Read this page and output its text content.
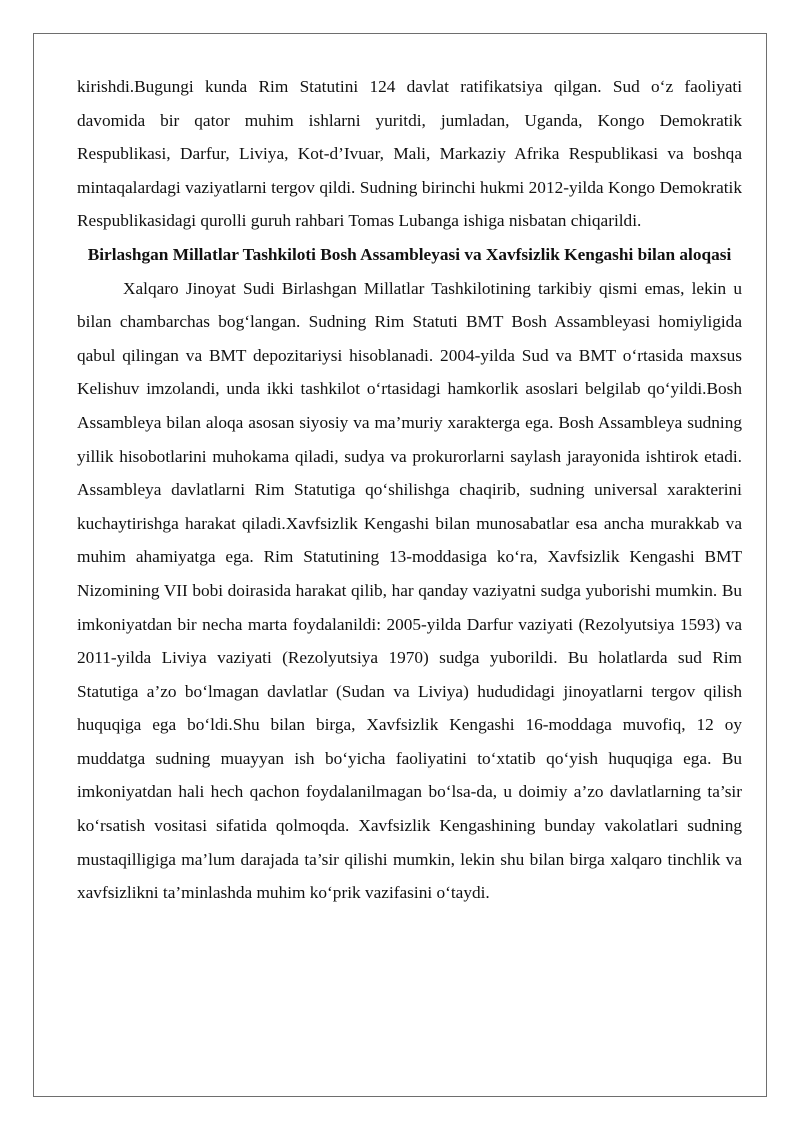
kirishdi.Bugungi kunda Rim Statutini 124 davlat ratifikatsiya qilgan. Sud o‘z faoliyati davomida bir qator muhim ishlarni yuritdi, jumladan, Uganda, Kongo Demokratik Respublikasi, Darfur, Liviya, Kot-d’Ivuar, Mali, Markaziy Afrika Respublikasi va boshqa mintaqalardagi vaziyatlarni tergov qildi. Sudning birinchi hukmi 2012-yilda Kongo Demokratik Respublikasidagi qurolli guruh rahbari Tomas Lubanga ishiga nisbatan chiqarildi.

Birlashgan Millatlar Tashkiloti Bosh Assambleyasi va Xavfsizlik Kengashi bilan aloqasi

Xalqaro Jinoyat Sudi Birlashgan Millatlar Tashkilotining tarkibiy qismi emas, lekin u bilan chambarchas bog‘langan. Sudning Rim Statuti BMT Bosh Assambleyasi homiyligida qabul qilingan va BMT depozitariysi hisoblanadi. 2004-yilda Sud va BMT o‘rtasida maxsus Kelishuv imzolandi, unda ikki tashkilot o‘rtasidagi hamkorlik asoslari belgilab qo‘yildi.Bosh Assambleya bilan aloqa asosan siyosiy va ma’muriy xarakterga ega. Bosh Assambleya sudning yillik hisobotlarini muhokama qiladi, sudya va prokurorlarni saylash jarayonida ishtirok etadi. Assambleya davlatlarni Rim Statutiga qo‘shilishga chaqirib, sudning universal xarakterini kuchaytirishga harakat qiladi.Xavfsizlik Kengashi bilan munosabatlar esa ancha murakkab va muhim ahamiyatga ega. Rim Statutining 13-moddasiga ko‘ra, Xavfsizlik Kengashi BMT Nizomining VII bobi doirasida harakat qilib, har qanday vaziyatni sudga yuborishi mumkin. Bu imkoniyatdan bir necha marta foydalanildi: 2005-yilda Darfur vaziyati (Rezolyutsiya 1593) va 2011-yilda Liviya vaziyati (Rezolyutsiya 1970) sudga yuborildi. Bu holatlarda sud Rim Statutiga a’zo bo‘lmagan davlatlar (Sudan va Liviya) hududidagi jinoyatlarni tergov qilish huquqiga ega bo‘ldi.Shu bilan birga, Xavfsizlik Kengashi 16-moddaga muvofiq, 12 oy muddatga sudning muayyan ish bo‘yicha faoliyatini to‘xtatib qo‘yish huquqiga ega. Bu imkoniyatdan hali hech qachon foydalanilmagan bo‘lsa-da, u doimiy a’zo davlatlarning ta’sir ko‘rsatish vositasi sifatida qolmoqda. Xavfsizlik Kengashining bunday vakolatlari sudning mustaqilligiga ma’lum darajada ta’sir qilishi mumkin, lekin shu bilan birga xalqaro tinchlik va xavfsizlikni ta’minlashda muhim ko‘prik vazifasini o‘taydi.
